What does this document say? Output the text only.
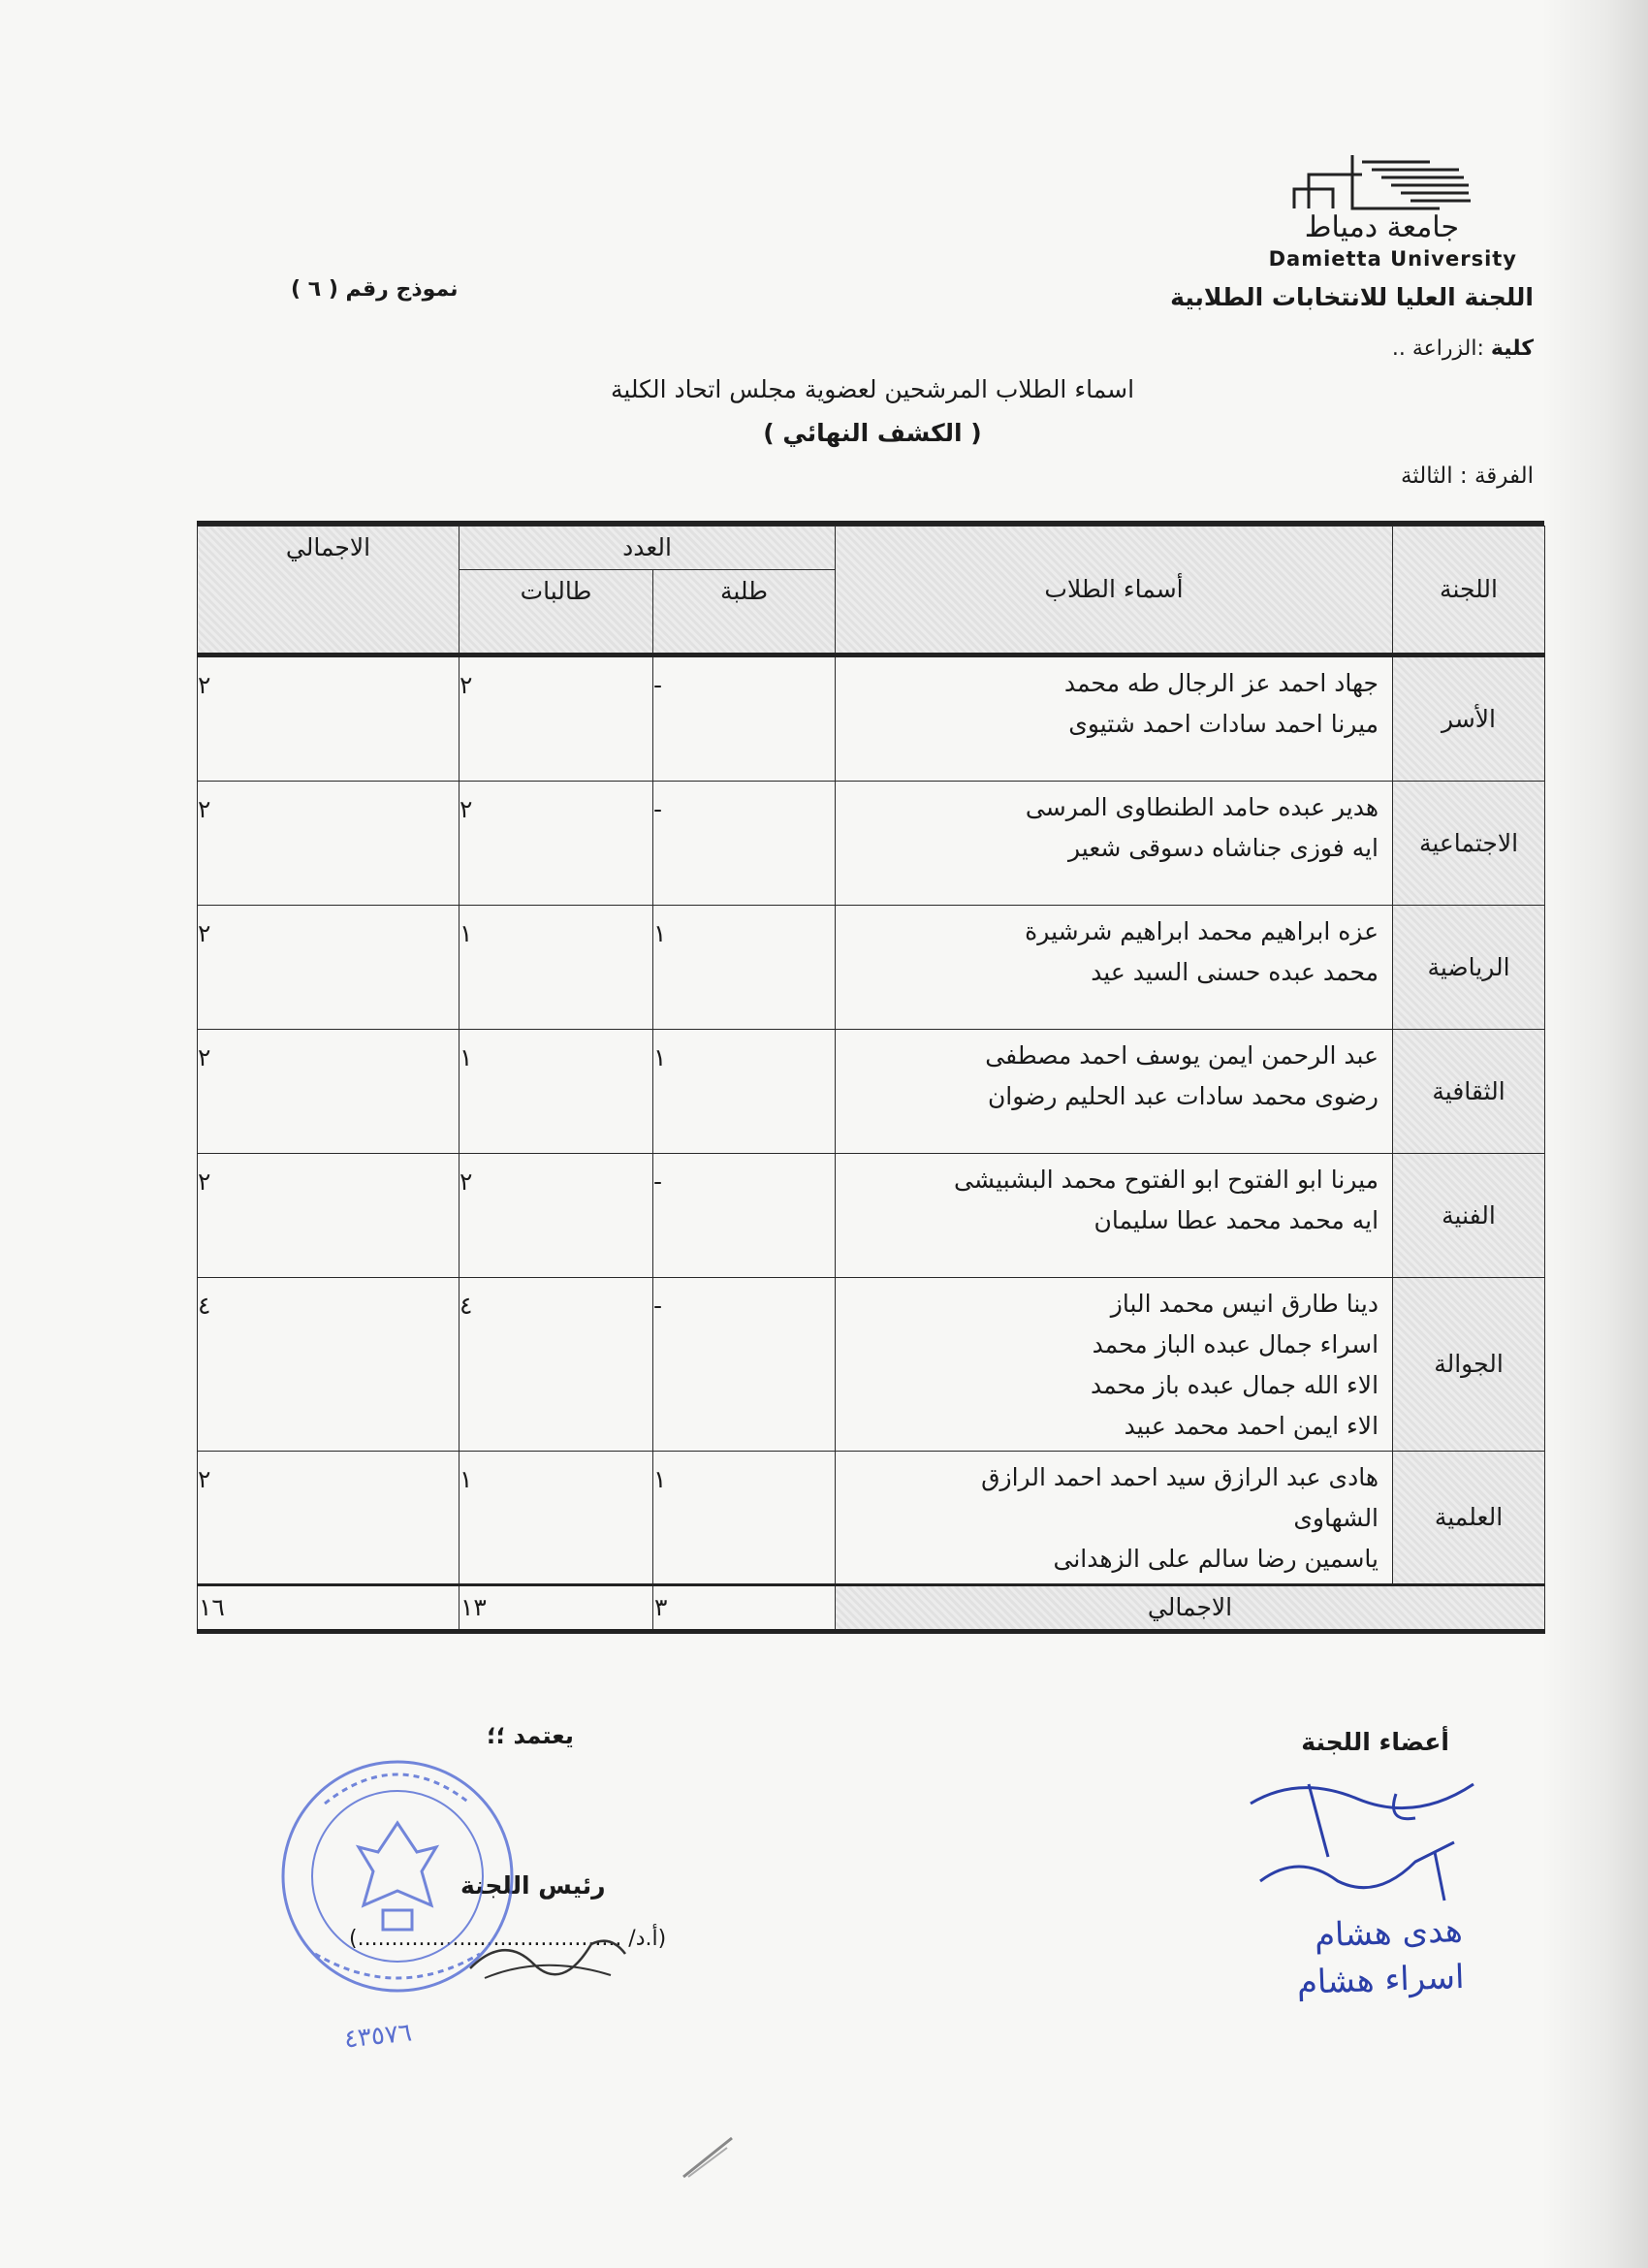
جامعة دمياط
Damietta University
اللجنة العليا للانتخابات الطلابية
نموذج رقم ( ٦ )
كلية :الزراعة ..
اسماء الطلاب المرشحين لعضوية مجلس اتحاد الكلية
( الكشف النهائي )
الفرقة : الثالثة
اللجنة	أسماء الطلاب	العدد		الاجمالي
		طلبة	طالبات	
الأسر	جهاد احمد عز الرجال طه محمد
ميرنا احمد سادات احمد شتيوى	-	٢	٢
الاجتماعية	هدير عبده حامد الطنطاوى المرسى
ايه فوزى جناشاه دسوقى شعير	-	٢	٢
الرياضية	عزه ابراهيم محمد ابراهيم شرشيرة
محمد عبده حسنى السيد عيد	١	١	٢
الثقافية	عبد الرحمن ايمن يوسف احمد مصطفى
رضوى محمد سادات عبد الحليم رضوان	١	١	٢
الفنية	ميرنا ابو الفتوح ابو الفتوح محمد البشبيشى
ايه محمد محمد عطا سليمان	-	٢	٢
الجوالة	دينا طارق انيس محمد الباز
اسراء جمال عبده الباز محمد
الاء الله جمال عبده باز محمد
الاء ايمن احمد محمد عبيد	-	٤	٤
العلمية	هادى عبد الرازق سيد احمد احمد الرازق
الشهاوى
ياسمين رضا سالم على الزهدانى	١	١	٢
الاجمالي		٣	١٣	١٦
يعتمد ؛؛	أعضاء اللجنة
رئيس اللجنة
(أ.د/ .......................................)
٤٣٥٧٦
هدى هشام
اسراء هشام
